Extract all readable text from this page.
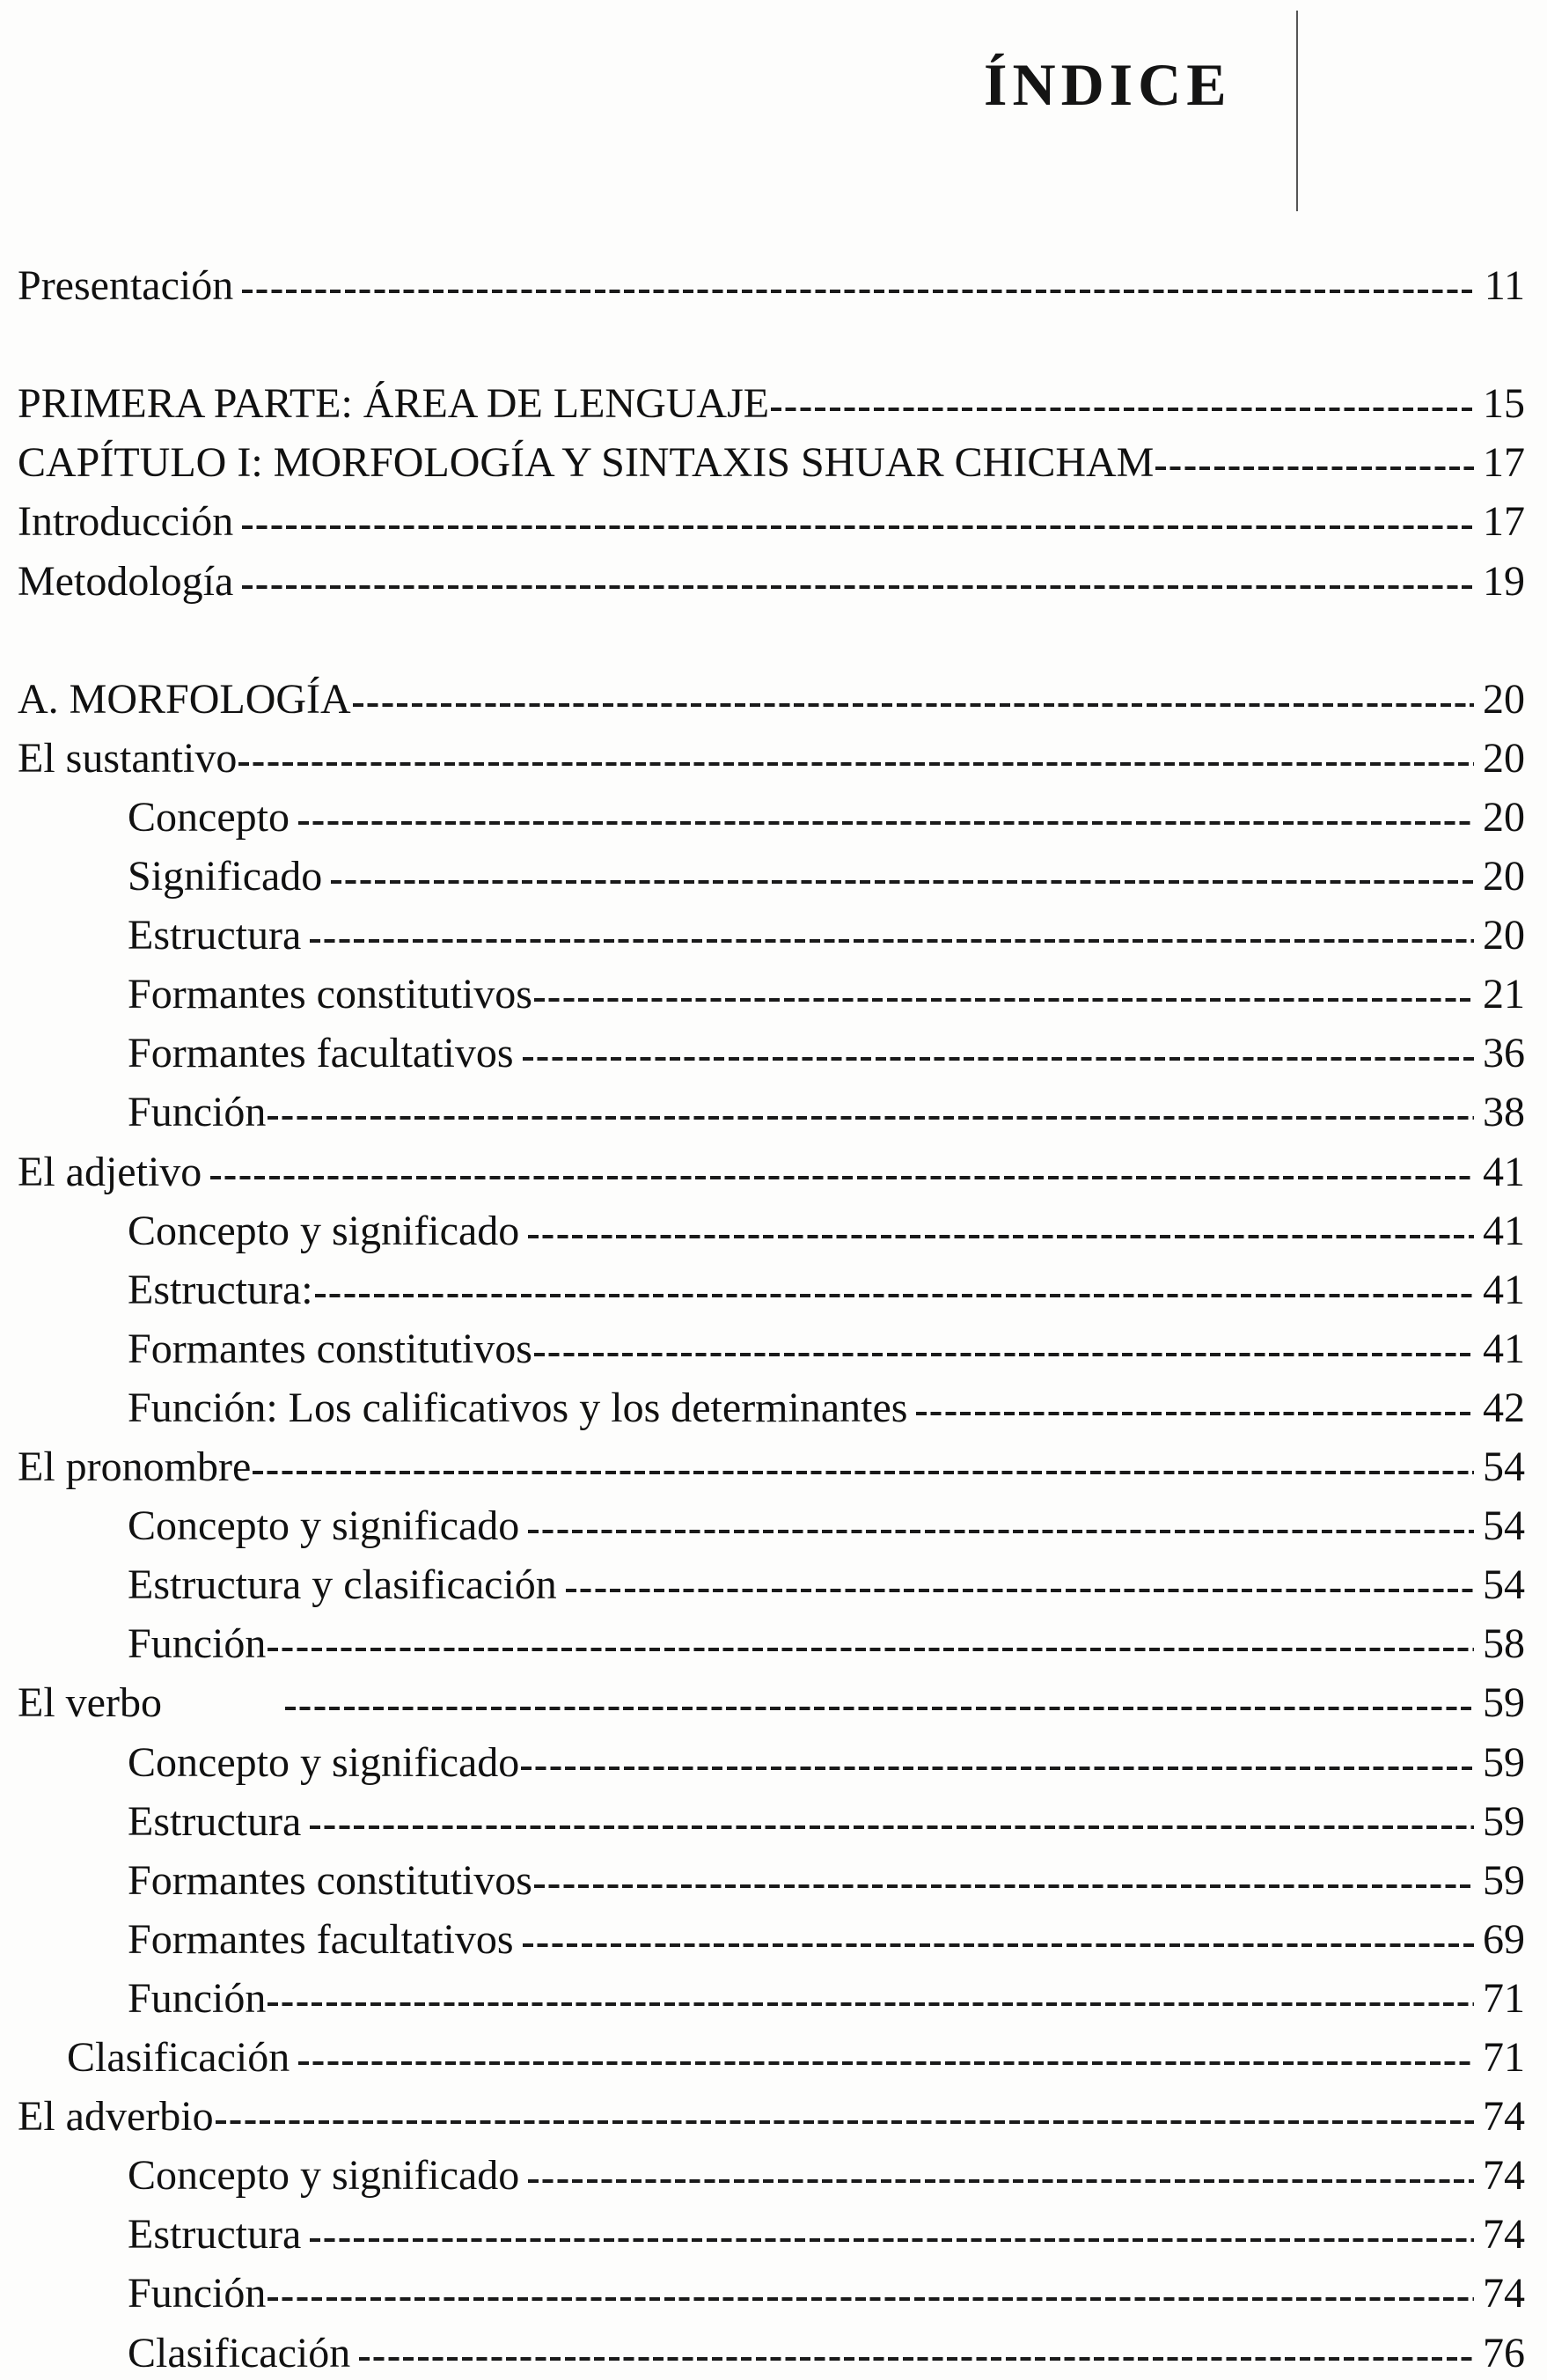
ÍNDICE
Presentación	11
PRIMERA PARTE: ÁREA DE LENGUAJE	15
CAPÍTULO I: MORFOLOGÍA Y SINTAXIS SHUAR CHICHAM	17
Introducción	17
Metodología	19
A. MORFOLOGÍA	20
El sustantivo	20
Concepto	20
Significado	20
Estructura	20
Formantes constitutivos	21
Formantes facultativos	36
Función	38
El adjetivo	41
Concepto y significado	41
Estructura:	41
Formantes constitutivos	41
Función: Los calificativos y los determinantes	42
El pronombre	54
Concepto y significado	54
Estructura y clasificación	54
Función	58
El verbo	59
Concepto y significado	59
Estructura	59
Formantes constitutivos	59
Formantes facultativos	69
Función	71
Clasificación	71
El adverbio	74
Concepto y significado	74
Estructura	74
Función	74
Clasificación	76
